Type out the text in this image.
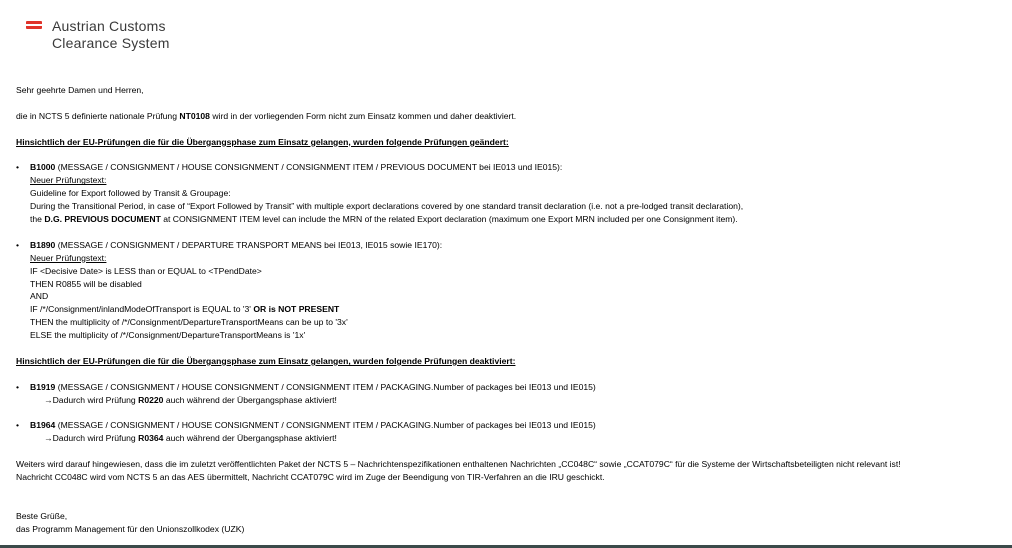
Austrian Customs
Clearance System

Sehr geehrte Damen und Herren,

die in NCTS 5 definierte nationale Prüfung NT0108 wird in der vorliegenden Form nicht zum Einsatz kommen und daher deaktiviert.

Hinsichtlich der EU-Prüfungen die für die Übergangsphase zum Einsatz gelangen, wurden folgende Prüfungen geändert:

• B1000 (MESSAGE / CONSIGNMENT / HOUSE CONSIGNMENT / CONSIGNMENT ITEM / PREVIOUS DOCUMENT bei IE013 und IE015):

Neuer Prüfungstext:

Guideline for Export followed by Transit & Groupage:

During the Transitional Period, in case of “Export Followed by Transit” with multiple export declarations covered by one standard transit declaration (i.e. not a pre-lodged transit declaration),

the D.G. PREVIOUS DOCUMENT at CONSIGNMENT ITEM level can include the MRN of the related Export declaration (maximum one Export MRN included per one Consignment item).

• B1890 (MESSAGE / CONSIGNMENT / DEPARTURE TRANSPORT MEANS bei IE013, IE015 sowie IE170):

Neuer Prüfungstext:

IF <Decisive Date> is LESS than or EQUAL to <TPendDate>

THEN R0855 will be disabled

AND

IF /*/Consignment/inlandModeOfTransport is EQUAL to '3' OR is NOT PRESENT

THEN the multiplicity of /*/Consignment/DepartureTransportMeans can be up to '3x'

ELSE the multiplicity of /*/Consignment/DepartureTransportMeans is '1x'

Hinsichtlich der EU-Prüfungen die für die Übergangsphase zum Einsatz gelangen, wurden folgende Prüfungen deaktiviert:

• B1919 (MESSAGE / CONSIGNMENT / HOUSE CONSIGNMENT / CONSIGNMENT ITEM / PACKAGING.Number of packages bei IE013 und IE015)

→Dadurch wird Prüfung R0220 auch während der Übergangsphase aktiviert!

• B1964 (MESSAGE / CONSIGNMENT / HOUSE CONSIGNMENT / CONSIGNMENT ITEM / PACKAGING.Number of packages bei IE013 und IE015)

→Dadurch wird Prüfung R0364 auch während der Übergangsphase aktiviert!

Weiters wird darauf hingewiesen, dass die im zuletzt veröffentlichten Paket der NCTS 5 – Nachrichtenspezifikationen enthaltenen Nachrichten „CC048C“ sowie „CCAT079C“ für die Systeme der Wirtschaftsbeteiligten nicht relevant ist!

Nachricht CC048C wird vom NCTS 5 an das AES übermittelt, Nachricht CCAT079C wird im Zuge der Beendigung von TIR-Verfahren an die IRU geschickt.

Beste Grüße,

das Programm Management für den Unionszollkodex (UZK)
